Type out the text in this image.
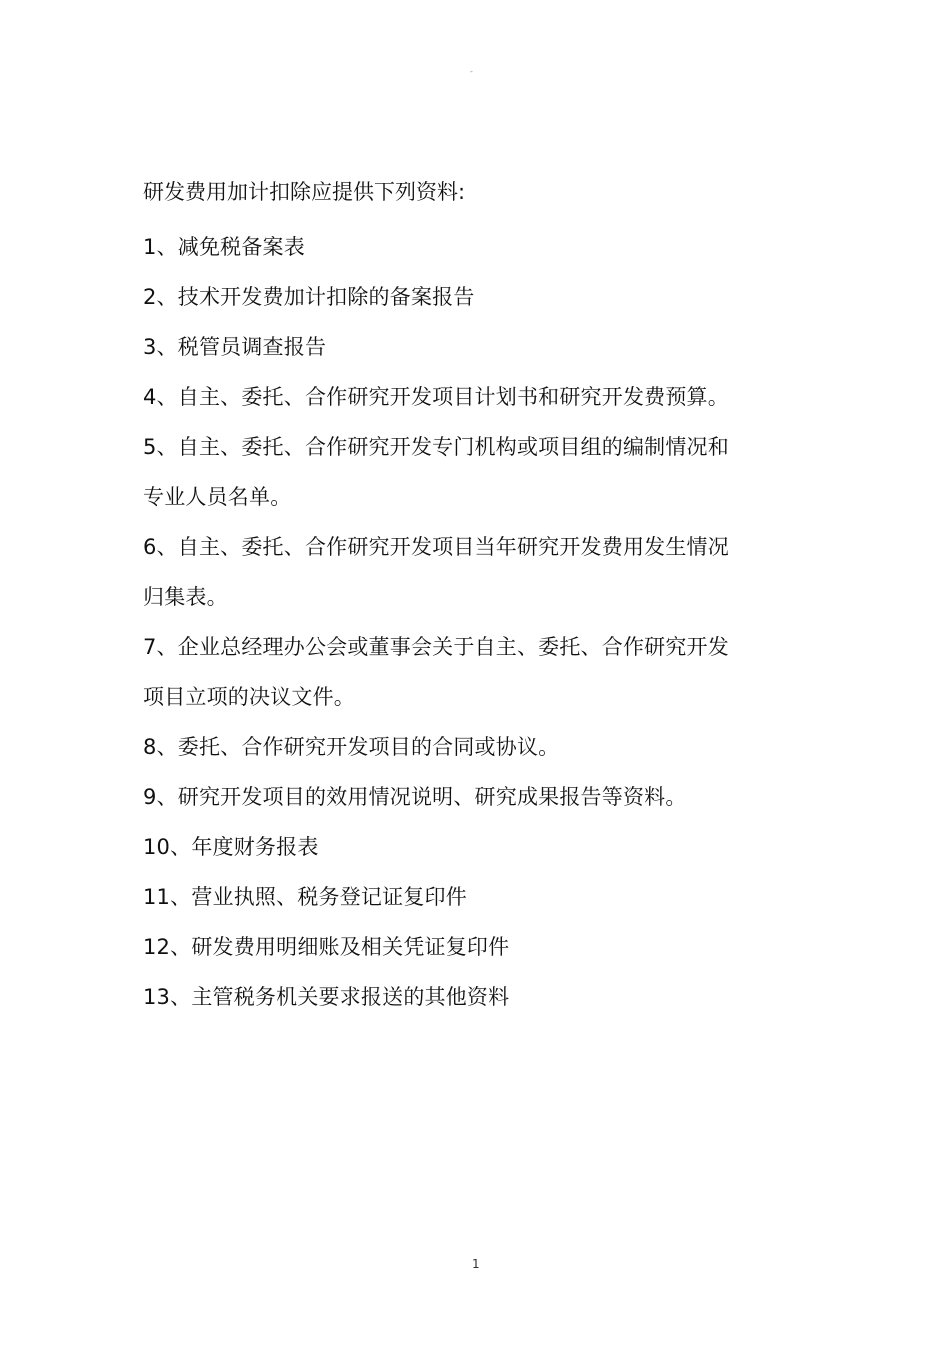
-
研发费用加计扣除应提供下列资料:
1、减免税备案表
2、技术开发费加计扣除的备案报告
3、税管员调查报告
4、自主、委托、合作研究开发项目计划书和研究开发费预算。
5、自主、委托、合作研究开发专门机构或项目组的编制情况和专业人员名单。
6、自主、委托、合作研究开发项目当年研究开发费用发生情况归集表。
7、企业总经理办公会或董事会关于自主、委托、合作研究开发项目立项的决议文件。
8、委托、合作研究开发项目的合同或协议。
9、研究开发项目的效用情况说明、研究成果报告等资料。
10、年度财务报表
11、营业执照、税务登记证复印件
12、研发费用明细账及相关凭证复印件
13、主管税务机关要求报送的其他资料
1
